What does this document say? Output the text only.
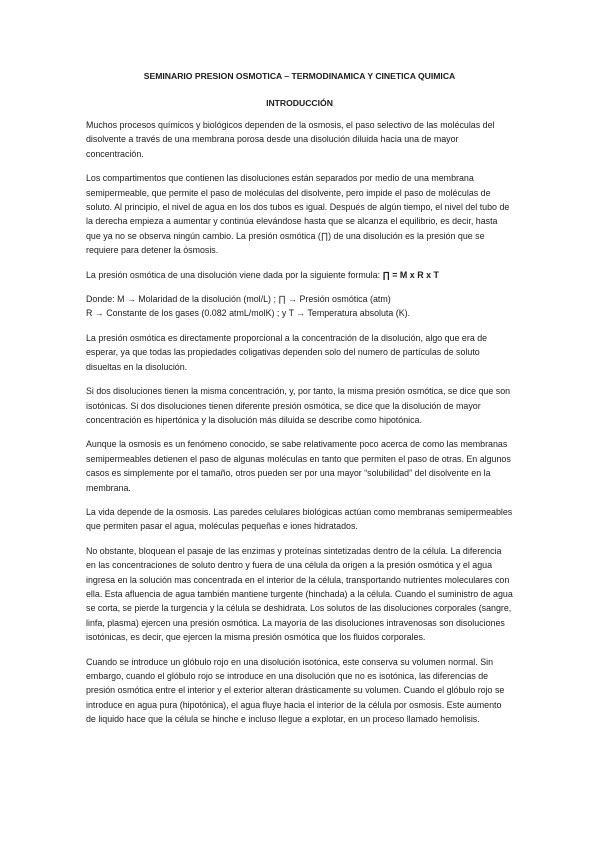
SEMINARIO PRESION OSMOTICA – TERMODINAMICA Y CINETICA QUIMICA
INTRODUCCIÓN

Muchos procesos químicos y biológicos dependen de la osmosis, el paso selectivo de las moléculas del disolvente a través de una membrana porosa desde una disolución diluida hacia una de mayor concentración.

Los compartimentos que contienen las disoluciones están separados por medio de una membrana semipermeable, que permite el paso de moléculas del disolvente, pero impide el paso de moléculas de soluto. Al principio, el nivel de agua en los dos tubos es igual. Después de algún tiempo, el nivel del tubo de la derecha empieza a aumentar y continúa elevándose hasta que se alcanza el equilibrio, es decir, hasta que ya no se observa ningún cambio. La presión osmótica (∏) de una disolución es la presión que se requiere para detener la ósmosis.

La presión osmótica de una disolución viene dada por la siguiente formula: ∏ = M x R x T

Donde: M → Molaridad de la disolución (mol/L) ; ∏ → Presión osmótica (atm)
R → Constante de los gases (0.082 atmL/molK) ; y T → Temperatura absoluta (K).

La presión osmótica es directamente proporcional a la concentración de la disolución, algo que era de esperar, ya que todas las propiedades coligativas dependen solo del numero de partículas de soluto disueltas en la disolución.

Si dos disoluciones tienen la misma concentración, y, por tanto, la misma presión osmótica, se dice que son isotónicas. Si dos disoluciones tienen diferente presión osmótica, se dice que la disolución de mayor concentración es hipertónica y la disolución más diluida se describe como hipotónica.

Aunque la osmosis es un fenómeno conocido, se sabe relativamente poco acerca de como las membranas semipermeables detienen el paso de algunas moléculas en tanto que permiten el paso de otras. En algunos casos es simplemente por el tamaño, otros pueden ser por una mayor “solubilidad” del disolvente en la membrana.

La vida depende de la osmosis. Las paredes celulares biológicas actúan como membranas semipermeables que permiten pasar el agua, moléculas pequeñas e iones hidratados.

No obstante, bloquean el pasaje de las enzimas y proteínas sintetizadas dentro de la célula. La diferencia en las concentraciones de soluto dentro y fuera de una célula da origen a la presión osmótica y el agua ingresa en la solución mas concentrada en el interior de la célula, transportando nutrientes moleculares con ella. Esta afluencia de agua también mantiene turgente (hinchada) a la célula. Cuando el suministro de agua se corta, se pierde la turgencia y la célula se deshidrata. Los solutos de las disoluciones corporales (sangre, linfa, plasma) ejercen una presión osmótica. La mayoría de las disoluciones intravenosas son disoluciones isotónicas, es decir, que ejercen la misma presión osmótica que los fluidos corporales.

Cuando se introduce un glóbulo rojo en una disolución isotónica, este conserva su volumen normal. Sin embargo, cuando el glóbulo rojo se introduce en una disolución que no es isotónica, las diferencias de presión osmótica entre el interior y el exterior alteran drásticamente su volumen. Cuando el glóbulo rojo se introduce en agua pura (hipotónica), el agua fluye hacia el interior de la célula por osmosis. Este aumento de liquido hace que la célula se hinche e incluso llegue a explotar, en un proceso llamado hemolisis.
